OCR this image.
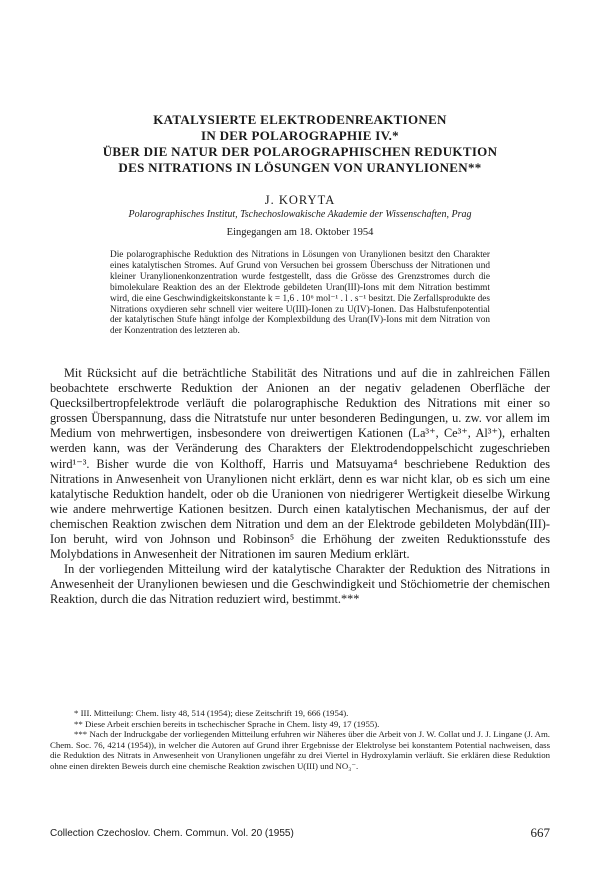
KATALYSIERTE ELEKTRODENREAKTIONEN
IN DER POLAROGRAPHIE IV.*
ÜBER DIE NATUR DER POLAROGRAPHISCHEN REDUKTION
DES NITRATIONS IN LÖSUNGEN VON URANYLIONEN**
J. KORYTA
Polarographisches Institut, Tschechoslowakische Akademie der Wissenschaften, Prag
Eingegangen am 18. Oktober 1954

Die polarographische Reduktion des Nitrations in Lösungen von Uranylionen besitzt den Charakter eines katalytischen Stromes. Auf Grund von Versuchen bei grossem Überschuss der Nitrationen und kleiner Uranylionenkonzentration wurde festgestellt, dass die Grösse des Grenzstromes durch die bimolekulare Reaktion des an der Elektrode gebildeten Uran(III)-Ions mit dem Nitration bestimmt wird, die eine Geschwindigkeitskonstante k = 1,6 . 10⁶ mol⁻¹ . l . s⁻¹ besitzt. Die Zerfallsprodukte des Nitrations oxydieren sehr schnell vier weitere U(III)-Ionen zu U(IV)-Ionen. Das Halbstufenpotential der katalytischen Stufe hängt infolge der Komplexbildung des Uran(IV)-Ions mit dem Nitration von der Konzentration des letzteren ab.

Mit Rücksicht auf die beträchtliche Stabilität des Nitrations und auf die in zahlreichen Fällen beobachtete erschwerte Reduktion der Anionen an der negativ geladenen Oberfläche der Quecksilbertropfelektrode verläuft die polarographische Reduktion des Nitrations mit einer so grossen Überspannung, dass die Nitratstufe nur unter besonderen Bedingungen, u. zw. vor allem im Medium von mehrwertigen, insbesondere von dreiwertigen Kationen (La³⁺, Ce³⁺, Al³⁺), erhalten werden kann, was der Veränderung des Charakters der Elektrodendoppelschicht zugeschrieben wird¹⁻³. Bisher wurde die von Kolthoff, Harris und Matsuyama⁴ beschriebene Reduktion des Nitrations in Anwesenheit von Uranylionen nicht erklärt, denn es war nicht klar, ob es sich um eine katalytische Reduktion handelt, oder ob die Uranionen von niedrigerer Wertigkeit dieselbe Wirkung wie andere mehrwertige Kationen besitzen. Durch einen katalytischen Mechanismus, der auf der chemischen Reaktion zwischen dem Nitration und dem an der Elektrode gebildeten Molybdän(III)-Ion beruht, wird von Johnson und Robinson⁵ die Erhöhung der zweiten Reduktionsstufe des Molybdations in Anwesenheit der Nitrationen im sauren Medium erklärt.

In der vorliegenden Mitteilung wird der katalytische Charakter der Reduktion des Nitrations in Anwesenheit der Uranylionen bewiesen und die Geschwindigkeit und Stöchiometrie der chemischen Reaktion, durch die das Nitration reduziert wird, bestimmt.***

* III. Mitteilung: Chem. listy 48, 514 (1954); diese Zeitschrift 19, 666 (1954).

** Diese Arbeit erschien bereits in tschechischer Sprache in Chem. listy 49, 17 (1955).

*** Nach der Indruckgabe der vorliegenden Mitteilung erfuhren wir Näheres über die Arbeit von J. W. Collat und J. J. Lingane (J. Am. Chem. Soc. 76, 4214 (1954)), in welcher die Autoren auf Grund ihrer Ergebnisse der Elektrolyse bei konstantem Potential nachweisen, dass die Reduktion des Nitrats in Anwesenheit von Uranylionen ungefähr zu drei Viertel in Hydroxylamin verläuft. Sie erklären diese Reduktion ohne einen direkten Beweis durch eine chemische Reaktion zwischen U(III) und NO₃⁻.

Collection Czechoslov. Chem. Commun. Vol. 20 (1955)	667
